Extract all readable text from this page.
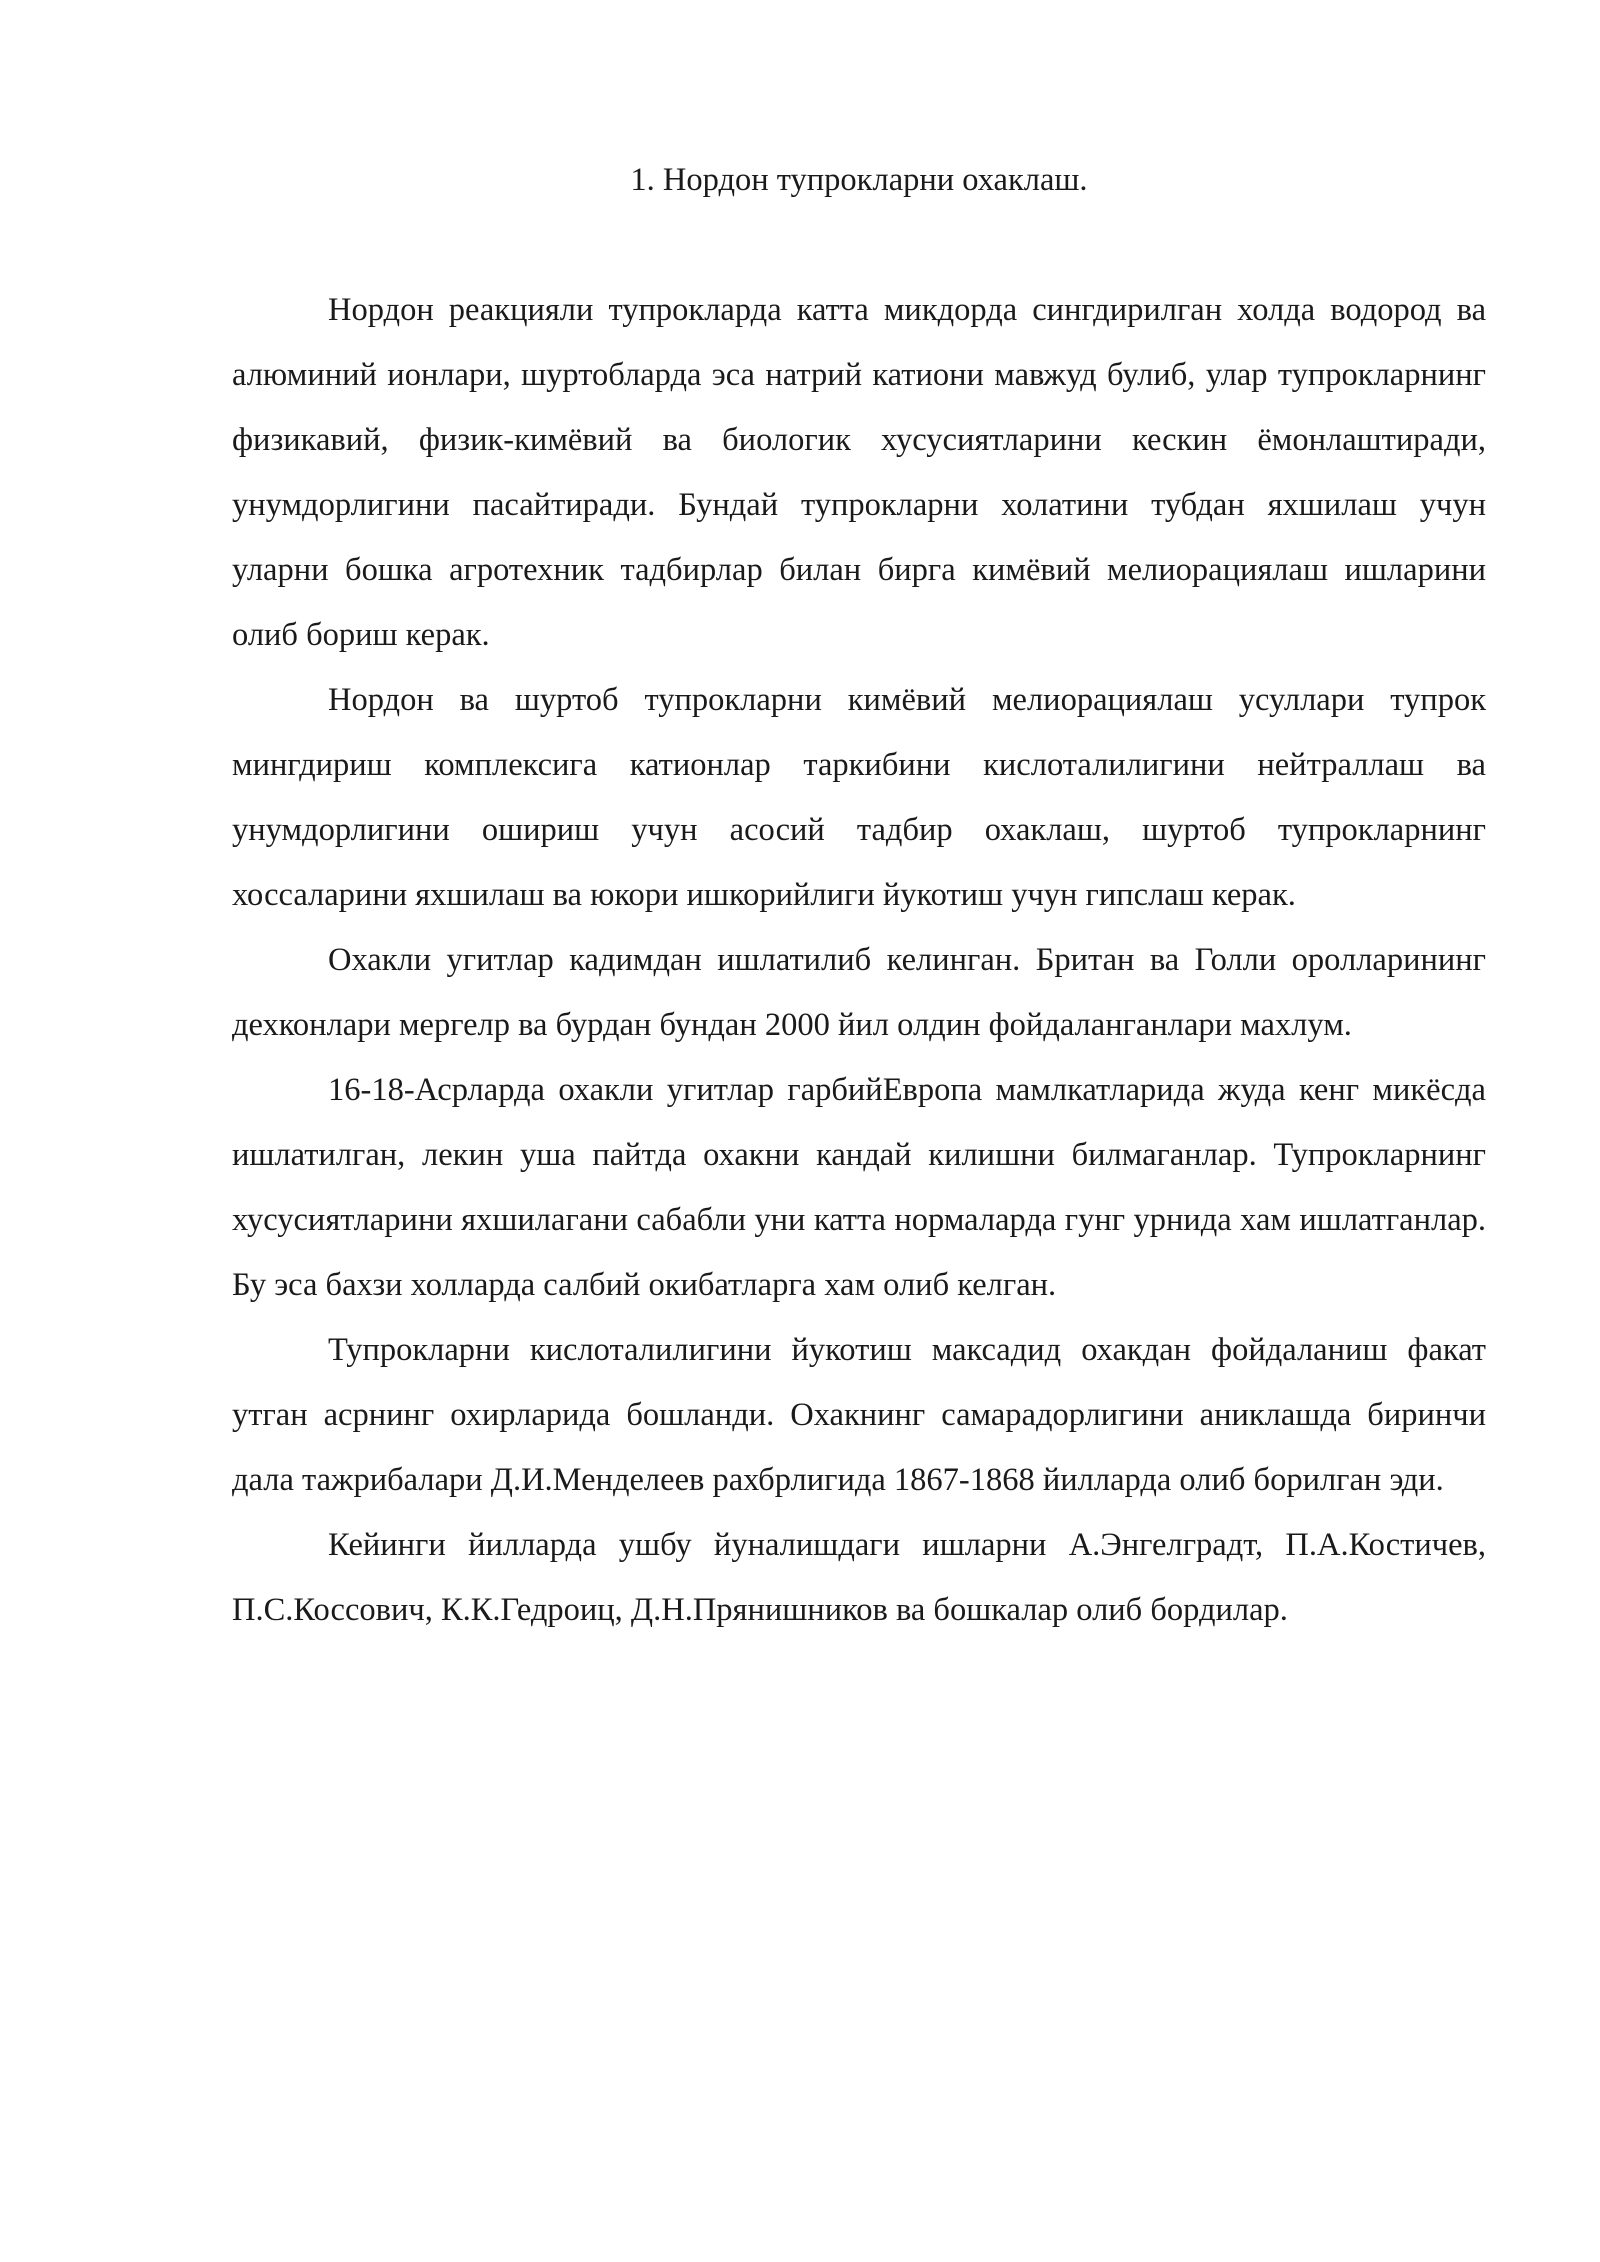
1. Нордон тупрокларни охаклаш.

Нордон реакцияли тупрокларда катта микдорда сингдирилган холда водород ва алюминий ионлари, шуртобларда эса натрий катиони мавжуд булиб, улар тупрокларнинг физикавий, физик-кимёвий ва биологик хусусиятларини кескин ёмонлаштиради, унумдорлигини пасайтиради. Бундай тупрокларни холатини тубдан яхшилаш учун уларни бошка агротехник тадбирлар билан бирга кимёвий мелиорациялаш ишларини олиб бориш керак.

Нордон ва шуртоб тупрокларни кимёвий мелиорациялаш усуллари тупрок мингдириш комплексига катионлар таркибини кислоталилигини нейтраллаш ва унумдорлигини ошириш учун асосий тадбир охаклаш, шуртоб тупрокларнинг хоссаларини яхшилаш ва юкори ишкорийлиги йукотиш учун гипслаш керак.

Охакли угитлар кадимдан ишлатилиб келинган. Британ ва Голли оролларининг дехконлари мергелр ва бурдан бундан 2000 йил олдин фойдаланганлари махлум.

16-18-Асрларда охакли угитлар гарбийЕвропа мамлкатларида жуда кенг микёсда ишлатилган, лекин уша пайтда охакни кандай килишни билмаганлар. Тупрокларнинг хусусиятларини яхшилагани сабабли уни катта нормаларда гунг урнида хам ишлатганлар. Бу эса бахзи холларда салбий окибатларга хам олиб келган.

Тупрокларни кислоталилигини йукотиш максадид охакдан фойдаланиш факат утган асрнинг охирларида бошланди. Охакнинг самарадорлигини аниклашда биринчи дала тажрибалари Д.И.Менделеев рахбрлигида 1867-1868 йилларда олиб борилган эди.

Кейинги йилларда ушбу йуналишдаги ишларни А.Энгелградт, П.А.Костичев, П.С.Коссович, К.К.Гедроиц, Д.Н.Прянишников ва бошкалар олиб бордилар.
